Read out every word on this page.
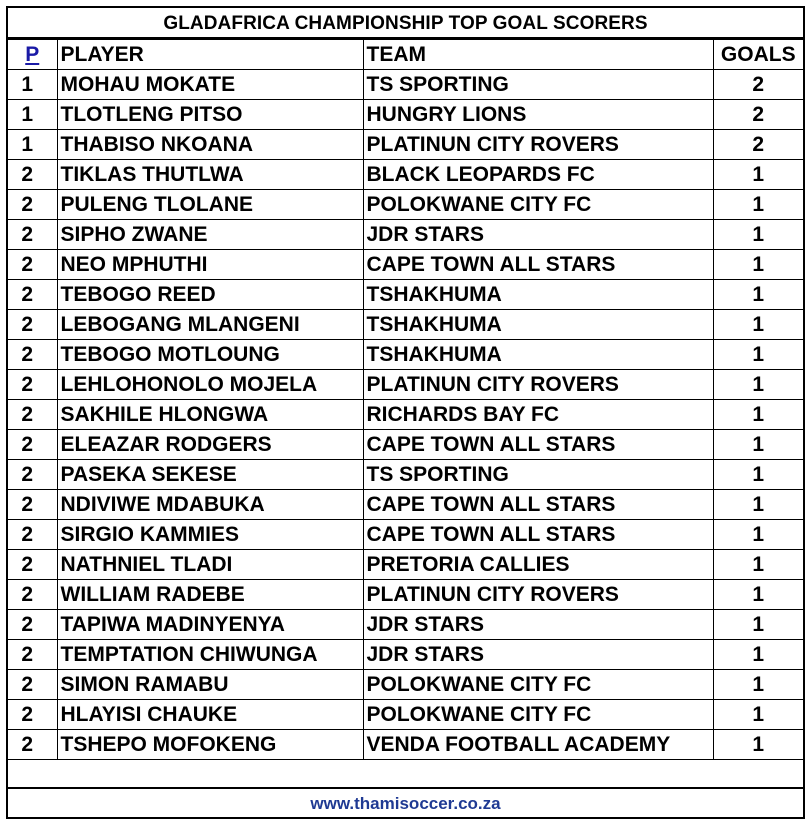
GLADAFRICA CHAMPIONSHIP TOP GOAL SCORERS
P	PLAYER	TEAM	GOALS
1	MOHAU MOKATE	TS SPORTING	2
1	TLOTLENG PITSO	HUNGRY LIONS	2
1	THABISO NKOANA	PLATINUN CITY ROVERS	2
2	TIKLAS THUTLWA	BLACK LEOPARDS FC	1
2	PULENG TLOLANE	POLOKWANE CITY FC	1
2	SIPHO ZWANE	JDR STARS	1
2	NEO MPHUTHI	CAPE TOWN ALL STARS	1
2	TEBOGO REED	TSHAKHUMA	1
2	LEBOGANG MLANGENI	TSHAKHUMA	1
2	TEBOGO MOTLOUNG	TSHAKHUMA	1
2	LEHLOHONOLO MOJELA	PLATINUN CITY ROVERS	1
2	SAKHILE HLONGWA	RICHARDS BAY FC	1
2	ELEAZAR RODGERS	CAPE TOWN ALL STARS	1
2	PASEKA SEKESE	TS SPORTING	1
2	NDIVIWE MDABUKA	CAPE TOWN ALL STARS	1
2	SIRGIO KAMMIES	CAPE TOWN ALL STARS	1
2	NATHNIEL TLADI	PRETORIA CALLIES	1
2	WILLIAM RADEBE	PLATINUN CITY ROVERS	1
2	TAPIWA MADINYENYA	JDR STARS	1
2	TEMPTATION CHIWUNGA	JDR STARS	1
2	SIMON RAMABU	POLOKWANE CITY FC	1
2	HLAYISI CHAUKE	POLOKWANE CITY FC	1
2	TSHEPO MOFOKENG	VENDA FOOTBALL ACADEMY	1
www.thamisoccer.co.za
